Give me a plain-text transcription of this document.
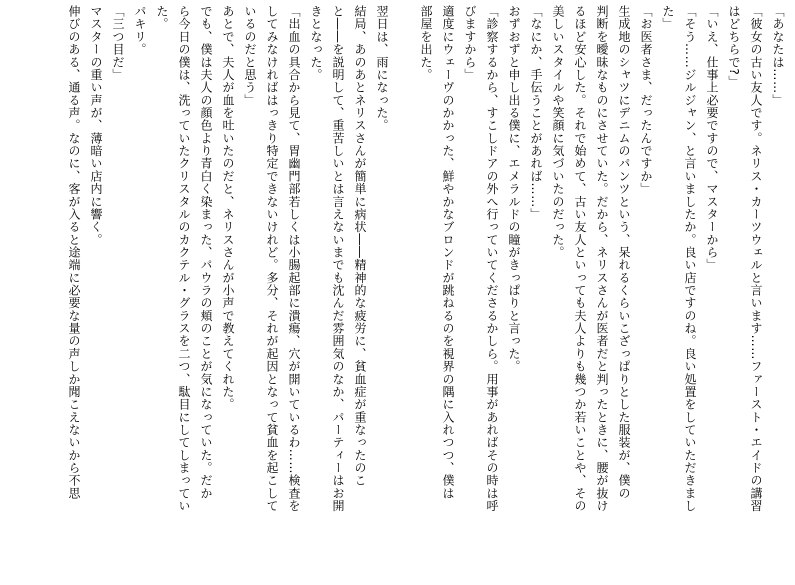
「あなたは……」
「彼女の古い友人です。ネリス・カーツウェルと言います……ファースト・エイドの講習
はどちらで?」
「いえ、仕事上必要ですので、マスターから」
「そう……ジルジャン、と言いましたか。良い店ですのね。良い処置をしていただきまし
た」
「お医者さま、だったんですか」
生成地のシャツにデニムのパンツという、呆れるくらいこざっぱりとした服装が、僕の
判断を曖昧なものにさせていた。だから、ネリスさんが医者だと判ったときに、腰が抜け
るほど安心した。それで始めて、古い友人といっても夫人よりも幾つか若いことや、その
美しいスタイルや笑顔に気づいたのだった。
「なにか、手伝うことがあれば……」
おずおずと申し出る僕に、エメラルドの瞳がきっぱりと言った。
「診察するから、すこしドアの外へ行っていてくださるかしら。用事があればその時は呼
びますから」
適度にウェーヴのかかった、鮮やかなブロンドが跳ねるのを視界の隅に入れつつ、僕は
部屋を出た。
翌日は、雨になった。
結局、あのあとネリスさんが簡単に病状――精神的な疲労に、貧血症が重なったのこ
と――を説明して、重苦しいとは言えないまでも沈んだ雰囲気のなか、パーティーはお開
きとなった。
「出血の具合から見て、胃幽門部若しくは小腸起部に潰瘍、穴が開いているわ……検査を
してみなければはっきり特定できないけれど。多分、それが起因となって貧血を起こして
いるのだと思う」
あとで、夫人が血を吐いたのだと、ネリスさんが小声で教えてくれた。
でも、僕は夫人の顔色より青白く染まった、パウラの頬のことが気になっていた。だか
ら今日の僕は、洗っていたクリスタルのカクテル・グラスを二つ、駄目にしてしまってい
た。
パキリ。
「三つ目だ」
マスターの重い声が、薄暗い店内に響く。
伸びのある、通る声。なのに、客が入ると途端に必要な量の声しか聞こえないから不思
